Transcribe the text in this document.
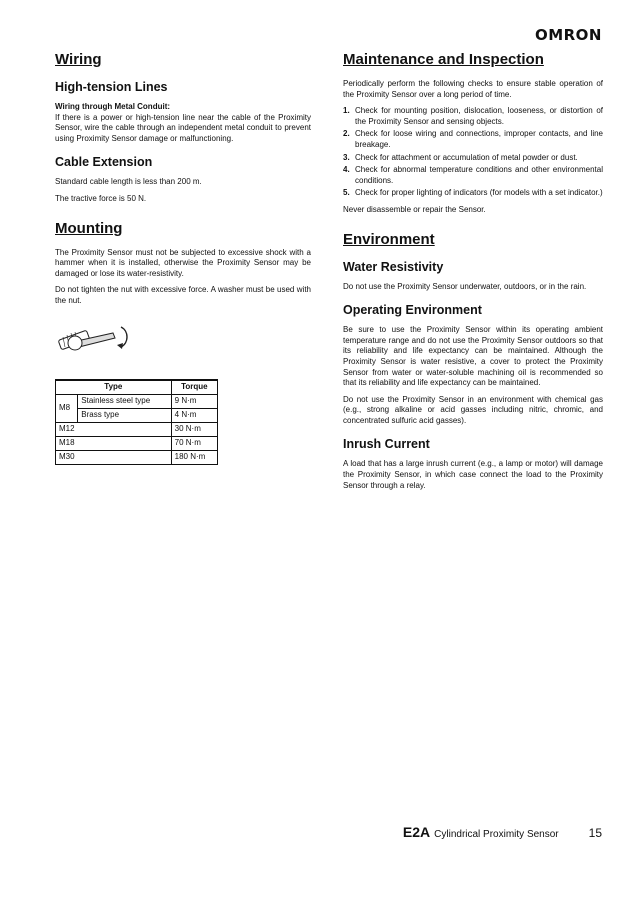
OMRON
Wiring
High-tension Lines

Wiring through Metal Conduit:
If there is a power or high-tension line near the cable of the Proximity Sensor, wire the cable through an independent metal conduit to prevent using Proximity Sensor damage or malfunctioning.

Cable Extension

Standard cable length is less than 200 m.

The tractive force is 50 N.

Mounting

The Proximity Sensor must not be subjected to excessive shock with a hammer when it is installed, otherwise the Proximity Sensor may be damaged or lose its water-resistivity.

Do not tighten the nut with excessive force. A washer must be used with the nut.

Type		Torque
M8	Stainless steel type	9 N·m
	Brass type	4 N·m
M12		30 N·m
M18		70 N·m
M30		180 N·m
Maintenance and Inspection

Periodically perform the following checks to ensure stable operation of the Proximity Sensor over a long period of time.

1. Check for mounting position, dislocation, looseness, or distortion of the Proximity Sensor and sensing objects.
2. Check for loose wiring and connections, improper contacts, and line breakage.
3. Check for attachment or accumulation of metal powder or dust.
4. Check for abnormal temperature conditions and other environmental conditions.
5. Check for proper lighting of indicators (for models with a set indicator.)

Never disassemble or repair the Sensor.

Environment
Water Resistivity

Do not use the Proximity Sensor underwater, outdoors, or in the rain.

Operating Environment

Be sure to use the Proximity Sensor within its operating ambient temperature range and do not use the Proximity Sensor outdoors so that its reliability and life expectancy can be maintained. Although the Proximity Sensor is water resistive, a cover to protect the Proximity Sensor from water or water-soluble machining oil is recommended so that its reliability and life expectancy can be maintained.

Do not use the Proximity Sensor in an environment with chemical gas (e.g., strong alkaline or acid gasses including nitric, chromic, and concentrated sulfuric acid gasses).

Inrush Current

A load that has a large inrush current (e.g., a lamp or motor) will damage the Proximity Sensor, in which case connect the load to the Proximity Sensor through a relay.

E2A Cylindrical Proximity Sensor	15
